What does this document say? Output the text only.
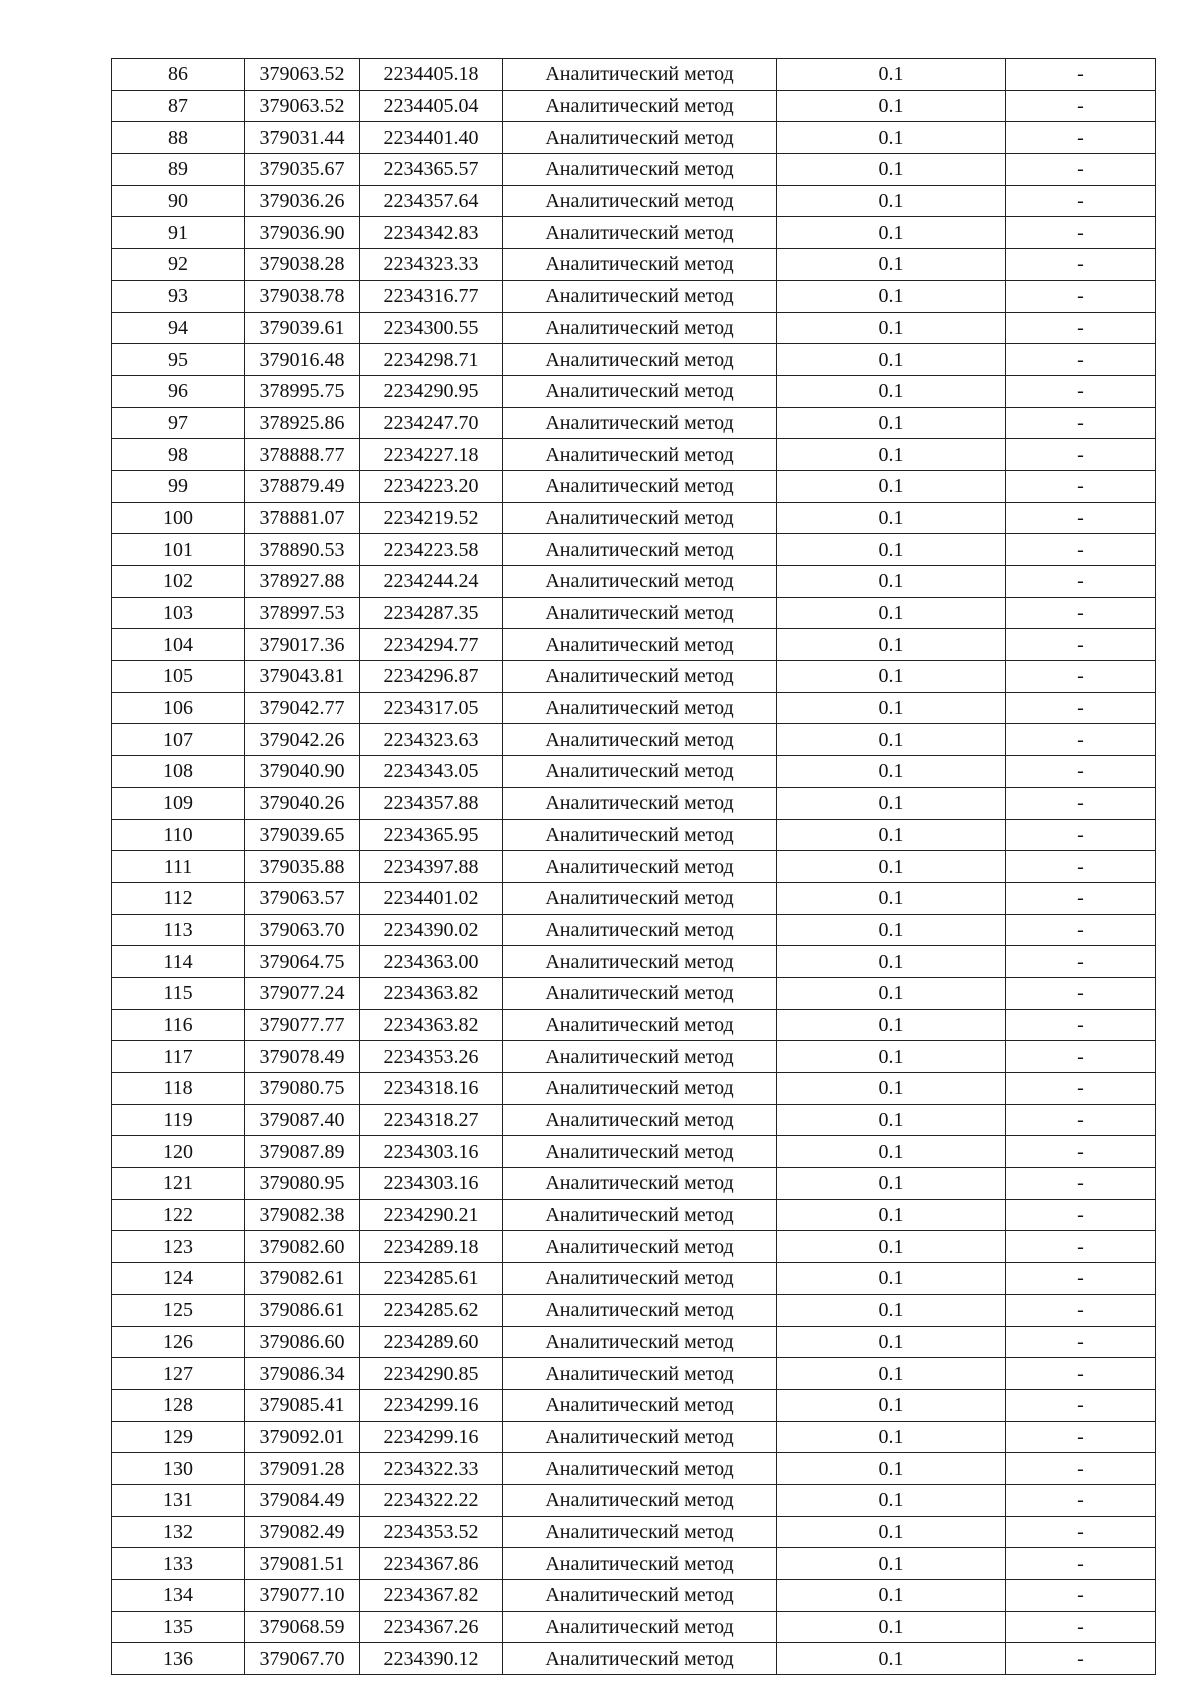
86	379063.52	2234405.18	Аналитический метод	0.1	-
87	379063.52	2234405.04	Аналитический метод	0.1	-
88	379031.44	2234401.40	Аналитический метод	0.1	-
89	379035.67	2234365.57	Аналитический метод	0.1	-
90	379036.26	2234357.64	Аналитический метод	0.1	-
91	379036.90	2234342.83	Аналитический метод	0.1	-
92	379038.28	2234323.33	Аналитический метод	0.1	-
93	379038.78	2234316.77	Аналитический метод	0.1	-
94	379039.61	2234300.55	Аналитический метод	0.1	-
95	379016.48	2234298.71	Аналитический метод	0.1	-
96	378995.75	2234290.95	Аналитический метод	0.1	-
97	378925.86	2234247.70	Аналитический метод	0.1	-
98	378888.77	2234227.18	Аналитический метод	0.1	-
99	378879.49	2234223.20	Аналитический метод	0.1	-
100	378881.07	2234219.52	Аналитический метод	0.1	-
101	378890.53	2234223.58	Аналитический метод	0.1	-
102	378927.88	2234244.24	Аналитический метод	0.1	-
103	378997.53	2234287.35	Аналитический метод	0.1	-
104	379017.36	2234294.77	Аналитический метод	0.1	-
105	379043.81	2234296.87	Аналитический метод	0.1	-
106	379042.77	2234317.05	Аналитический метод	0.1	-
107	379042.26	2234323.63	Аналитический метод	0.1	-
108	379040.90	2234343.05	Аналитический метод	0.1	-
109	379040.26	2234357.88	Аналитический метод	0.1	-
110	379039.65	2234365.95	Аналитический метод	0.1	-
111	379035.88	2234397.88	Аналитический метод	0.1	-
112	379063.57	2234401.02	Аналитический метод	0.1	-
113	379063.70	2234390.02	Аналитический метод	0.1	-
114	379064.75	2234363.00	Аналитический метод	0.1	-
115	379077.24	2234363.82	Аналитический метод	0.1	-
116	379077.77	2234363.82	Аналитический метод	0.1	-
117	379078.49	2234353.26	Аналитический метод	0.1	-
118	379080.75	2234318.16	Аналитический метод	0.1	-
119	379087.40	2234318.27	Аналитический метод	0.1	-
120	379087.89	2234303.16	Аналитический метод	0.1	-
121	379080.95	2234303.16	Аналитический метод	0.1	-
122	379082.38	2234290.21	Аналитический метод	0.1	-
123	379082.60	2234289.18	Аналитический метод	0.1	-
124	379082.61	2234285.61	Аналитический метод	0.1	-
125	379086.61	2234285.62	Аналитический метод	0.1	-
126	379086.60	2234289.60	Аналитический метод	0.1	-
127	379086.34	2234290.85	Аналитический метод	0.1	-
128	379085.41	2234299.16	Аналитический метод	0.1	-
129	379092.01	2234299.16	Аналитический метод	0.1	-
130	379091.28	2234322.33	Аналитический метод	0.1	-
131	379084.49	2234322.22	Аналитический метод	0.1	-
132	379082.49	2234353.52	Аналитический метод	0.1	-
133	379081.51	2234367.86	Аналитический метод	0.1	-
134	379077.10	2234367.82	Аналитический метод	0.1	-
135	379068.59	2234367.26	Аналитический метод	0.1	-
136	379067.70	2234390.12	Аналитический метод	0.1	-
